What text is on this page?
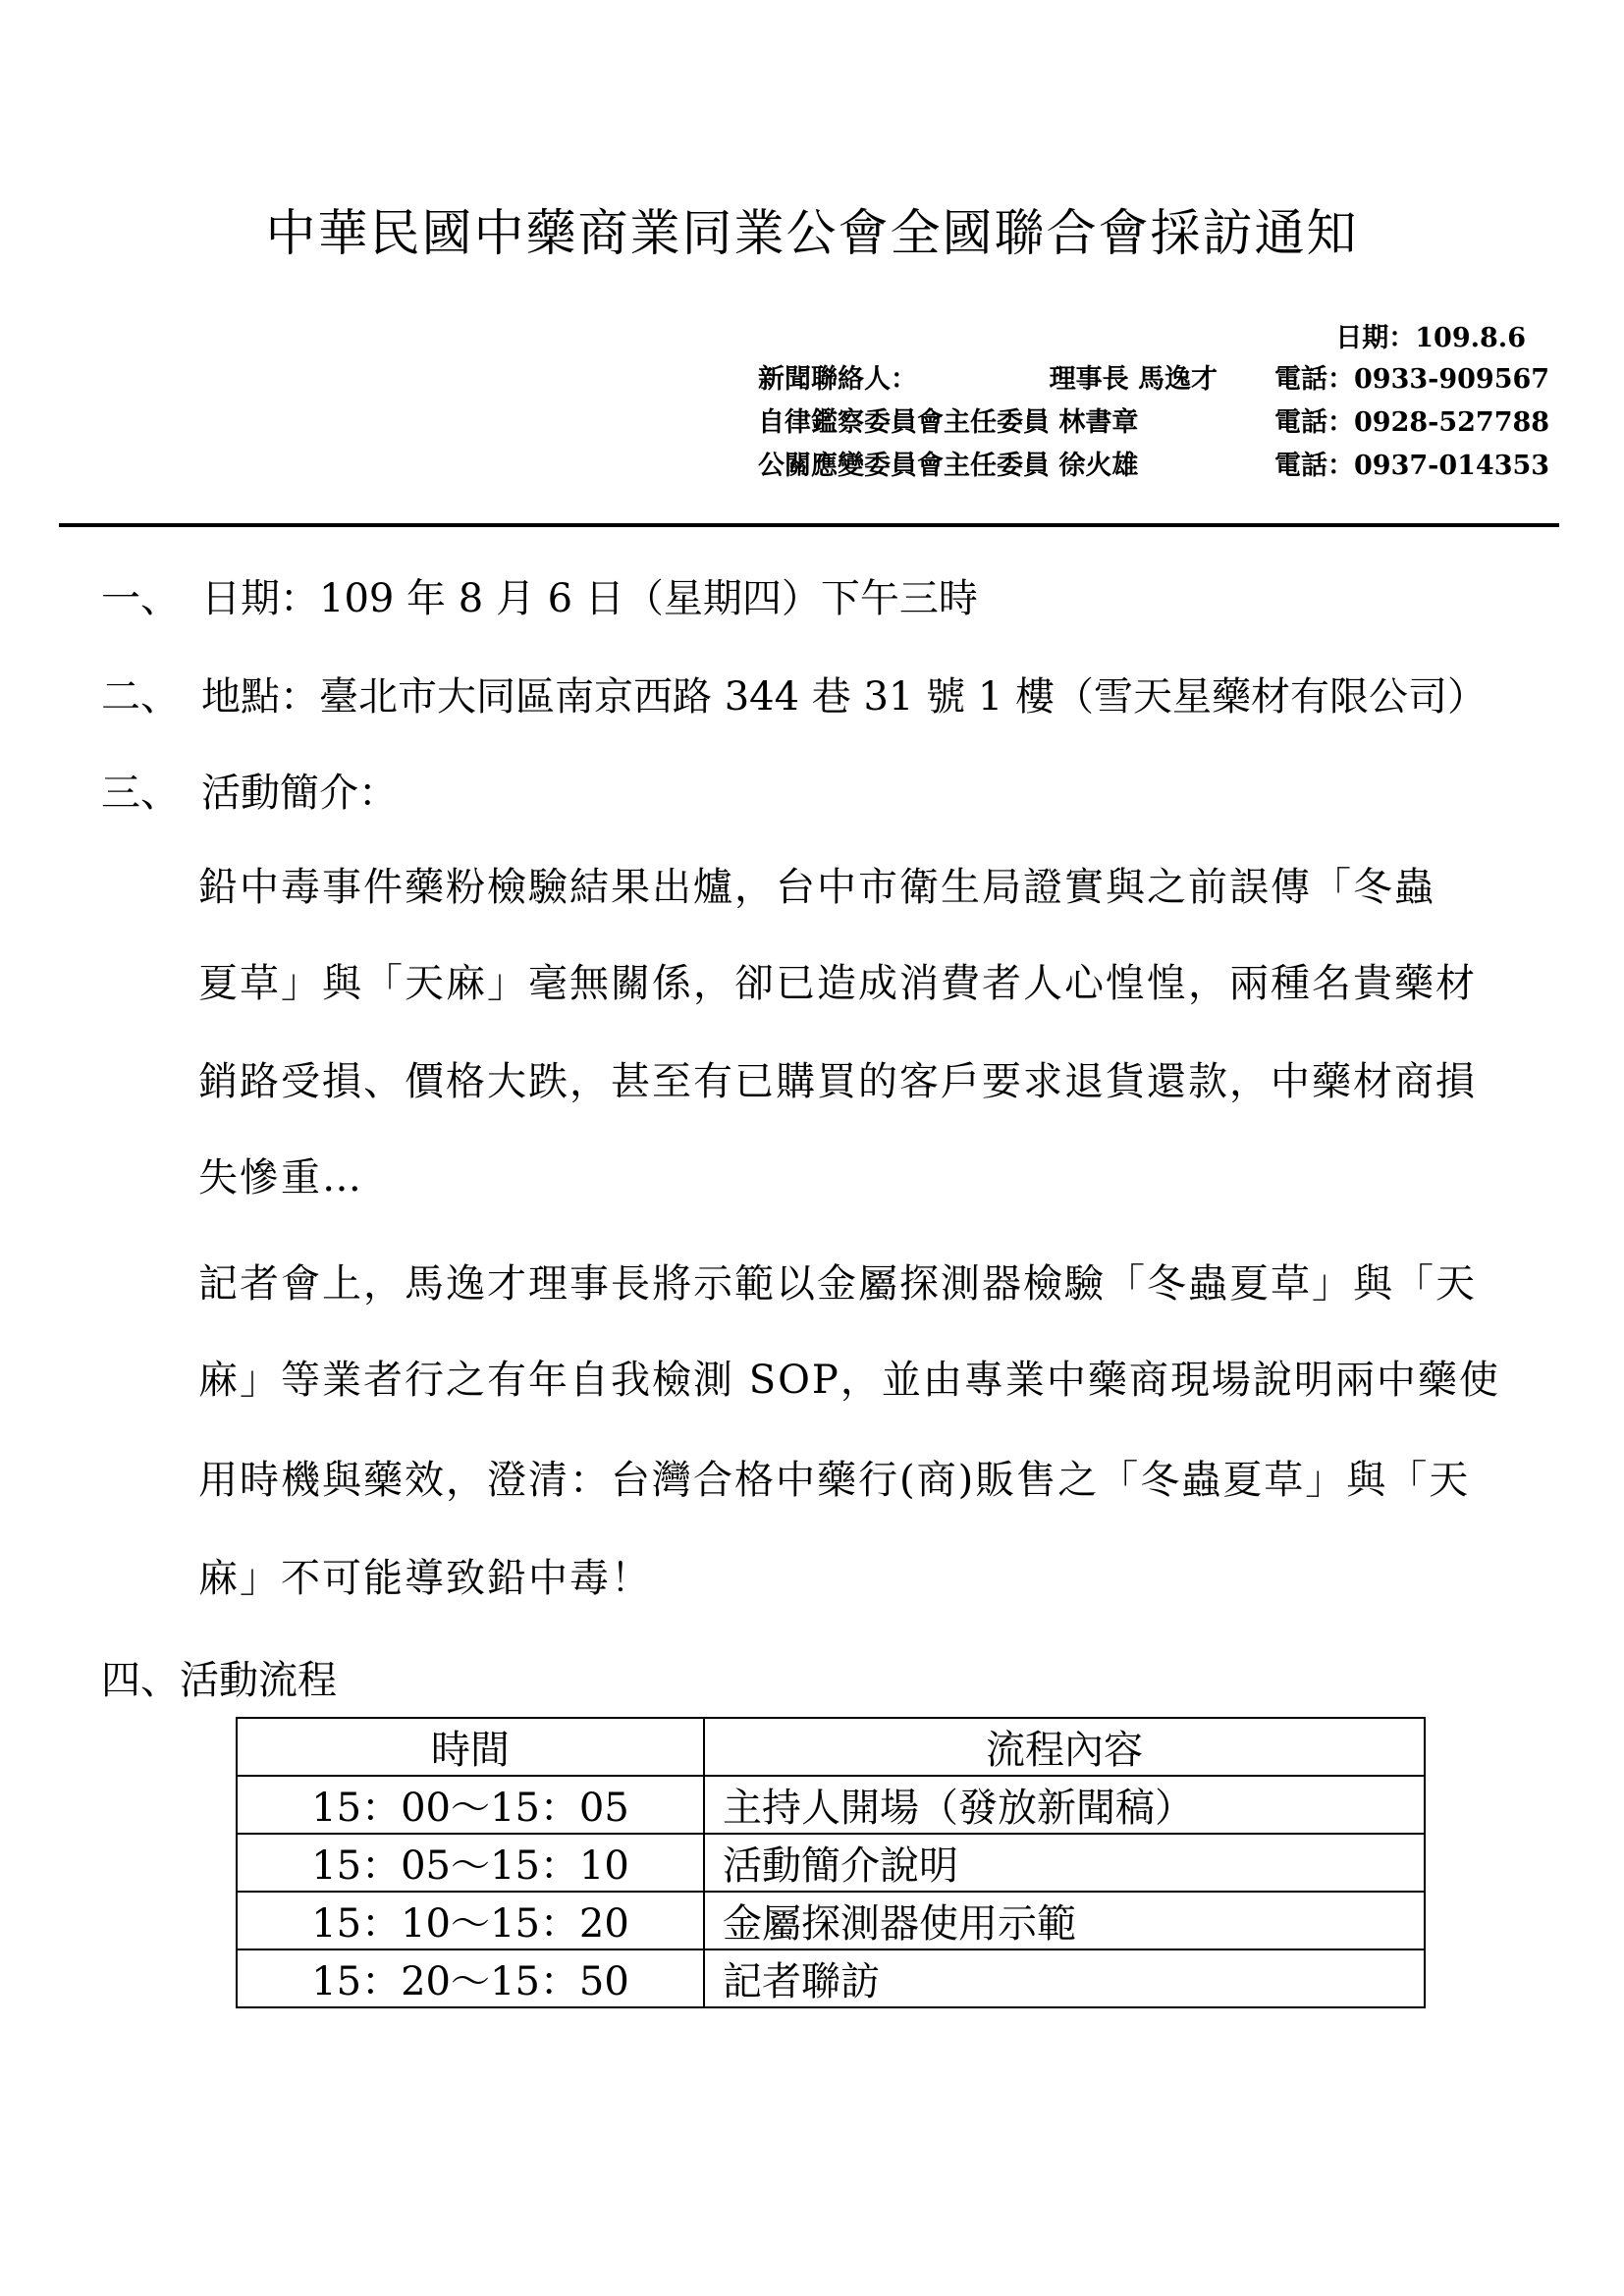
中華民國中藥商業同業公會全國聯合會採訪通知
日期：109.8.6
新聞聯絡人：	理事長 馬逸才 電話：0933-909567
自律鑑察委員會主任委員 林書章	電話：0928-527788
公關應變委員會主任委員 徐火雄	電話：0937-014353
一、 日期：109 年 8 月 6 日（星期四）下午三時
二、 地點：臺北市大同區南京西路 344 巷 31 號 1 樓（雪天星藥材有限公司）
三、 活動簡介：
鉛中毒事件藥粉檢驗結果出爐，台中市衛生局證實與之前誤傳「冬蟲
夏草」與「天麻」毫無關係，卻已造成消費者人心惶惶，兩種名貴藥材
銷路受損、價格大跌，甚至有已購買的客戶要求退貨還款，中藥材商損
失慘重…
記者會上，馬逸才理事長將示範以金屬探測器檢驗「冬蟲夏草」與「天
麻」等業者行之有年自我檢測 SOP，並由專業中藥商現場說明兩中藥使
用時機與藥效，澄清：台灣合格中藥行(商)販售之「冬蟲夏草」與「天
麻」不可能導致鉛中毒！
四、活動流程
時間	流程內容
15：00～15：05	主持人開場（發放新聞稿）
15：05～15：10	活動簡介說明
15：10～15：20	金屬探測器使用示範
15：20～15：50	記者聯訪
